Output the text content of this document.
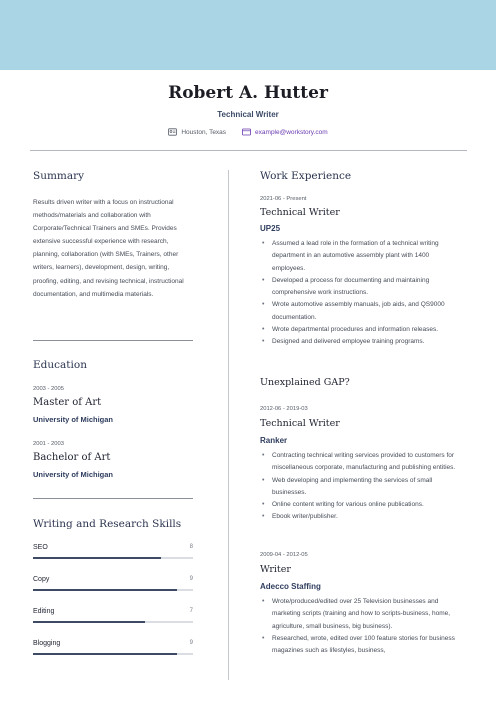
Robert A. Hutter
Technical Writer
Houston, Texas	example@workstory.com
Summary
Results driven writer with a focus on instructional methods/materials and collaboration with Corporate/Technical Trainers and SMEs. Provides extensive successful experience with research, planning, collaboration (with SMEs, Trainers, other writers, learners), development, design, writing, proofing, editing, and revising technical, instructional documentation, and multimedia materials.
Education
2003 - 2005
Master of Art
University of Michigan
2001 - 2003
Bachelor of Art
University of Michigan
Writing and Research Skills
SEO	8
Copy	9
Editing	7
Blogging	9
Work Experience
2021-06 - Present
Technical Writer
UP25
• Assumed a lead role in the formation of a technical writing department in an automotive assembly plant with 1400 employees.
• Developed a process for documenting and maintaining comprehensive work instructions.
• Wrote automotive assembly manuals, job aids, and QS9000 documentation.
• Wrote departmental procedures and information releases.
• Designed and delivered employee training programs.
Unexplained GAP?
2012-06 - 2019-03
Technical Writer
Ranker
• Contracting technical writing services provided to customers for miscellaneous corporate, manufacturing and publishing entities.
• Web developing and implementing the services of small businesses.
• Online content writing for various online publications.
• Ebook writer/publisher.
2009-04 - 2012-05
Writer
Adecco Staffing
• Wrote/produced/edited over 25 Television businesses and marketing scripts (training and how to scripts-business, home, agriculture, small business, big business).
• Researched, wrote, edited over 100 feature stories for business magazines such as lifestyles, business,
